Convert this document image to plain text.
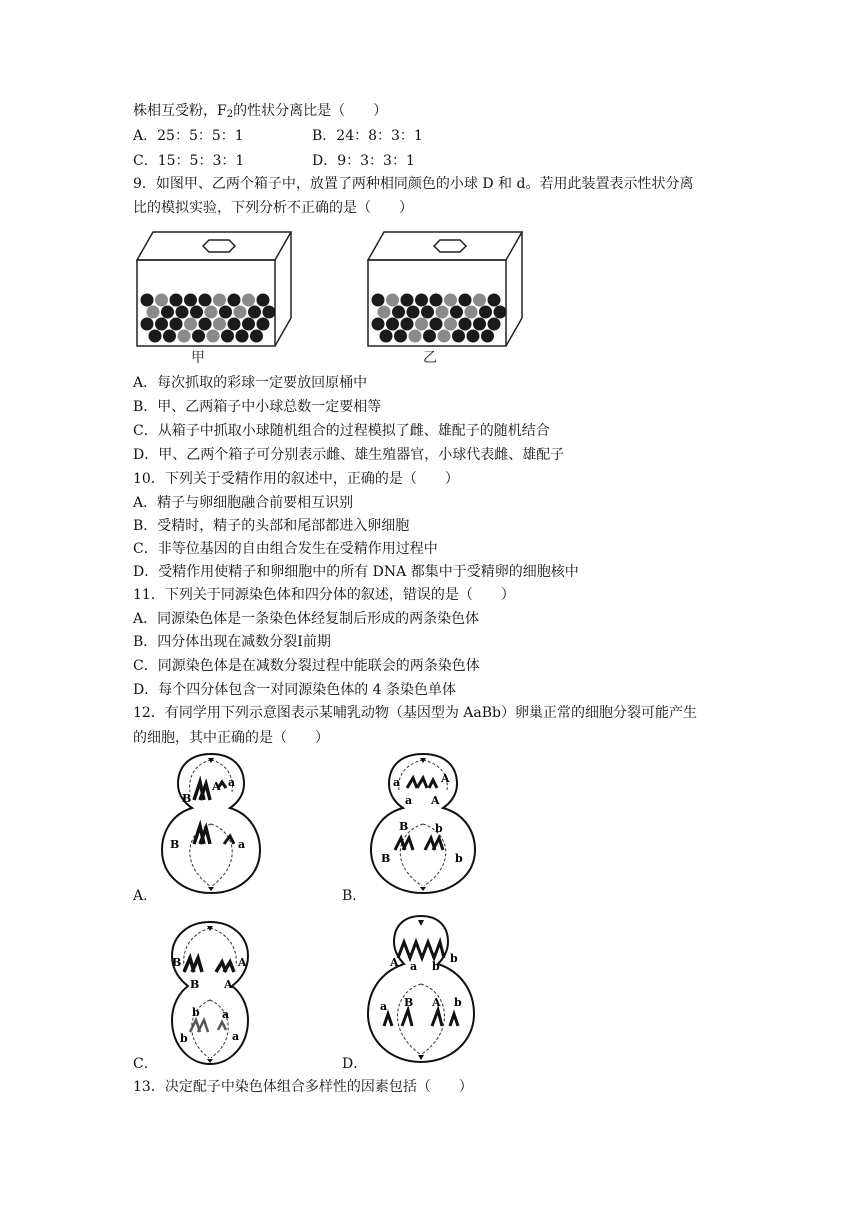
株相互受粉，$F_2$的性状分离比是（　　）
A．25：5：5：1	B．24：8：3：1
C．15：5：3：1	D．9：3：3：1
9．如图甲、乙两个箱子中，放置了两种相同颜色的小球 D 和 d。若用此装置表示性状分离
比的模拟实验，下列分析不正确的是（　　）
甲	乙
A．每次抓取的彩球一定要放回原桶中
B．甲、乙两箱子中小球总数一定要相等
C．从箱子中抓取小球随机组合的过程模拟了雌、雄配子的随机结合
D．甲、乙两个箱子可分别表示雌、雄生殖器官，小球代表雌、雄配子
10．下列关于受精作用的叙述中，正确的是（　　）
A．精子与卵细胞融合前要相互识别
B．受精时，精子的头部和尾部都进入卵细胞
C．非等位基因的自由组合发生在受精作用过程中
D．受精作用使精子和卵细胞中的所有 DNA 都集中于受精卵的细胞核中
11．下列关于同源染色体和四分体的叙述，错误的是（　　）
A．同源染色体是一条染色体经复制后形成的两条染色体
B．四分体出现在减数分裂Ⅰ前期
C．同源染色体是在减数分裂过程中能联会的两条染色体
D．每个四分体包含一对同源染色体的 4 条染色单体
12．有同学用下列示意图表示某哺乳动物（基因型为 AaBb）卵巢正常的细胞分裂可能产生
的细胞，其中正确的是（　　）
B
A a
B	a
A．
a	A
a A
B b
B	b
B．
B	A
B A
b a
b	a
C．
A a b
b
a B A b
D．
13．决定配子中染色体组合多样性的因素包括（　　）
